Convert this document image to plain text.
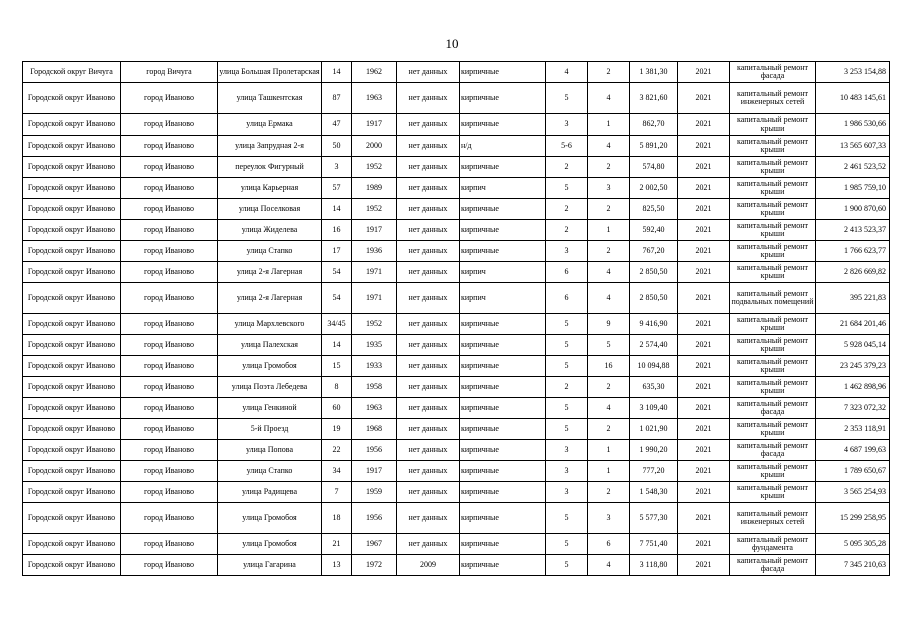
10
Городской округ Вичуга	город Вичуга	улица Большая Пролетарская	14	1962	нет данных	кирпичные	4	2	1 381,30	2021	капитальный ремонт фасада	3 253 154,88
Городской округ Иваново	город Иваново	улица Ташкентская	87	1963	нет данных	кирпичные	5	4	3 821,60	2021	капитальный ремонт инженерных сетей	10 483 145,61
Городской округ Иваново	город Иваново	улица Ермака	47	1917	нет данных	кирпичные	3	1	862,70	2021	капитальный ремонт крыши	1 986 530,66
Городской округ Иваново	город Иваново	улица Запрудная 2-я	50	2000	нет данных	н/д	5-6	4	5 891,20	2021	капитальный ремонт крыши	13 565 607,33
Городской округ Иваново	город Иваново	переулок Фигурный	3	1952	нет данных	кирпичные	2	2	574,80	2021	капитальный ремонт крыши	2 461 523,52
Городской округ Иваново	город Иваново	улица Карьерная	57	1989	нет данных	кирпич	5	3	2 002,50	2021	капитальный ремонт крыши	1 985 759,10
Городской округ Иваново	город Иваново	улица Поселковая	14	1952	нет данных	кирпичные	2	2	825,50	2021	капитальный ремонт крыши	1 900 870,60
Городской округ Иваново	город Иваново	улица Жиделева	16	1917	нет данных	кирпичные	2	1	592,40	2021	капитальный ремонт крыши	2 413 523,37
Городской округ Иваново	город Иваново	улица Стапко	17	1936	нет данных	кирпичные	3	2	767,20	2021	капитальный ремонт крыши	1 766 623,77
Городской округ Иваново	город Иваново	улица 2-я Лагерная	54	1971	нет данных	кирпич	6	4	2 850,50	2021	капитальный ремонт крыши	2 826 669,82
Городской округ Иваново	город Иваново	улица 2-я Лагерная	54	1971	нет данных	кирпич	6	4	2 850,50	2021	капитальный ремонт подвальных помещений	395 221,83
Городской округ Иваново	город Иваново	улица Мархлевского	34/45	1952	нет данных	кирпичные	5	9	9 416,90	2021	капитальный ремонт крыши	21 684 201,46
Городской округ Иваново	город Иваново	улица Палехская	14	1935	нет данных	кирпичные	5	5	2 574,40	2021	капитальный ремонт крыши	5 928 045,14
Городской округ Иваново	город Иваново	улица Громобоя	15	1933	нет данных	кирпичные	5	16	10 094,88	2021	капитальный ремонт крыши	23 245 379,23
Городской округ Иваново	город Иваново	улица Поэта Лебедева	8	1958	нет данных	кирпичные	2	2	635,30	2021	капитальный ремонт крыши	1 462 898,96
Городской округ Иваново	город Иваново	улица Генкиной	60	1963	нет данных	кирпичные	5	4	3 109,40	2021	капитальный ремонт фасада	7 323 072,32
Городской округ Иваново	город Иваново	5-й Проезд	19	1968	нет данных	кирпичные	5	2	1 021,90	2021	капитальный ремонт крыши	2 353 118,91
Городской округ Иваново	город Иваново	улица Попова	22	1956	нет данных	кирпичные	3	1	1 990,20	2021	капитальный ремонт фасада	4 687 199,63
Городской округ Иваново	город Иваново	улица Стапко	34	1917	нет данных	кирпичные	3	1	777,20	2021	капитальный ремонт крыши	1 789 650,67
Городской округ Иваново	город Иваново	улица Радищева	7	1959	нет данных	кирпичные	3	2	1 548,30	2021	капитальный ремонт крыши	3 565 254,93
Городской округ Иваново	город Иваново	улица Громобоя	18	1956	нет данных	кирпичные	5	3	5 577,30	2021	капитальный ремонт инженерных сетей	15 299 258,95
Городской округ Иваново	город Иваново	улица Громобоя	21	1967	нет данных	кирпичные	5	6	7 751,40	2021	капитальный ремонт фундамента	5 095 305,28
Городской округ Иваново	город Иваново	улица Гагарина	13	1972	2009	кирпичные	5	4	3 118,80	2021	капитальный ремонт фасада	7 345 210,63
